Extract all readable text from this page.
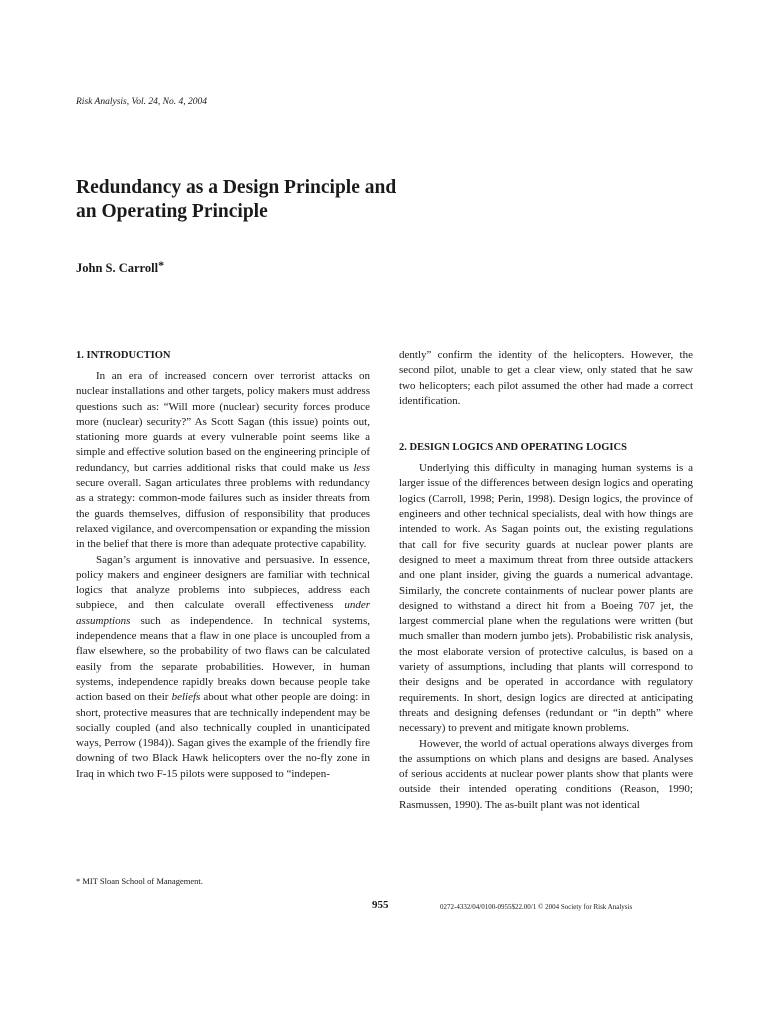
Risk Analysis, Vol. 24, No. 4, 2004
Redundancy as a Design Principle and
an Operating Principle
John S. Carroll*
1. INTRODUCTION

In an era of increased concern over terrorist attacks on nuclear installations and other targets, policy makers must address questions such as: “Will more (nuclear) security forces produce more (nuclear) security?” As Scott Sagan (this issue) points out, stationing more guards at every vulnerable point seems like a simple and effective solution based on the engineering principle of redundancy, but carries additional risks that could make us less secure overall. Sagan articulates three problems with redundancy as a strategy: common-mode failures such as insider threats from the guards themselves, diffusion of responsibility that produces relaxed vigilance, and overcompensation or expanding the mission in the belief that there is more than adequate protective capability.

Sagan’s argument is innovative and persuasive. In essence, policy makers and engineer designers are familiar with technical logics that analyze problems into subpieces, address each subpiece, and then calculate overall effectiveness under assumptions such as independence. In technical systems, independence means that a flaw in one place is uncoupled from a flaw elsewhere, so the probability of two flaws can be calculated easily from the separate probabilities. However, in human systems, independence rapidly breaks down because people take action based on their beliefs about what other people are doing: in short, protective measures that are technically independent may be socially coupled (and also technically coupled in unanticipated ways, Perrow (1984)). Sagan gives the example of the friendly fire downing of two Black Hawk helicopters over the no-fly zone in Iraq in which two F-15 pilots were supposed to “indepen-

dently” confirm the identity of the helicopters. However, the second pilot, unable to get a clear view, only stated that he saw two helicopters; each pilot assumed the other had made a correct identification.

2. DESIGN LOGICS AND OPERATING LOGICS

Underlying this difficulty in managing human systems is a larger issue of the differences between design logics and operating logics (Carroll, 1998; Perin, 1998). Design logics, the province of engineers and other technical specialists, deal with how things are intended to work. As Sagan points out, the existing regulations that call for five security guards at nuclear power plants are designed to meet a maximum threat from three outside attackers and one plant insider, giving the guards a numerical advantage. Similarly, the concrete containments of nuclear power plants are designed to withstand a direct hit from a Boeing 707 jet, the largest commercial plane when the regulations were written (but much smaller than modern jumbo jets). Probabilistic risk analysis, the most elaborate version of protective calculus, is based on a variety of assumptions, including that plants will correspond to their designs and be operated in accordance with regulatory requirements. In short, design logics are directed at anticipating threats and designing defenses (redundant or “in depth” where necessary) to prevent and mitigate known problems.

However, the world of actual operations always diverges from the assumptions on which plans and designs are based. Analyses of serious accidents at nuclear power plants show that plants were outside their intended operating conditions (Reason, 1990; Rasmussen, 1990). The as-built plant was not identical

* MIT Sloan School of Management.
955	0272-4332/04/0100-0955$22.00/1 © 2004 Society for Risk Analysis
